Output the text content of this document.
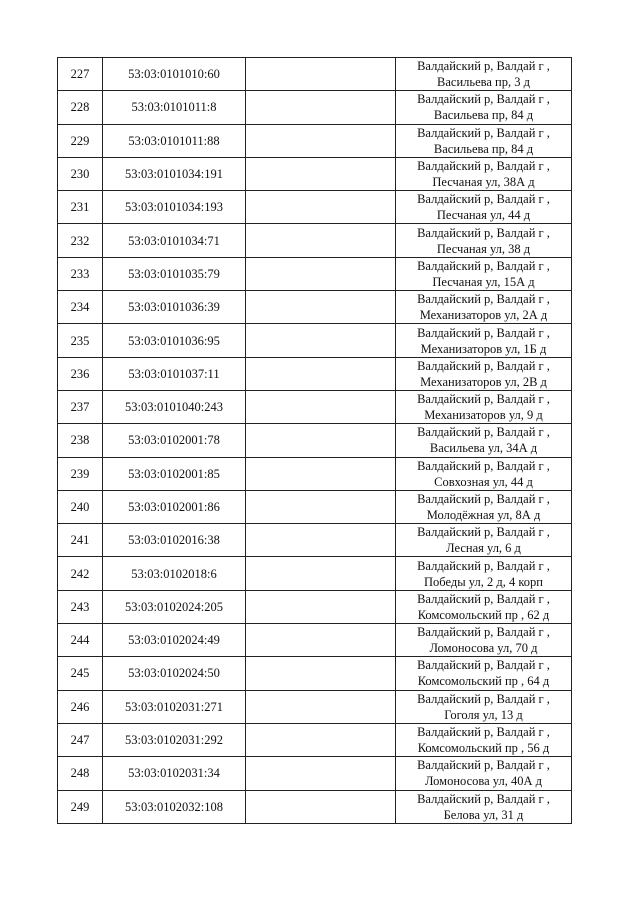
227	53:03:0101010:60		Валдайский р, Валдай г ,
Васильева пр, 3 д

228	53:03:0101011:8		Валдайский р, Валдай г ,
Васильева пр, 84 д

229	53:03:0101011:88		Валдайский р, Валдай г ,
Васильева пр, 84 д

230	53:03:0101034:191		Валдайский р, Валдай г ,
Песчаная ул, 38А д

231	53:03:0101034:193		Валдайский р, Валдай г ,
Песчаная ул, 44 д

232	53:03:0101034:71		Валдайский р, Валдай г ,
Песчаная ул, 38 д

233	53:03:0101035:79		Валдайский р, Валдай г ,
Песчаная ул, 15А д

234	53:03:0101036:39		Валдайский р, Валдай г ,
Механизаторов ул, 2А д

235	53:03:0101036:95		Валдайский р, Валдай г ,
Механизаторов ул, 1Б д

236	53:03:0101037:11		Валдайский р, Валдай г ,
Механизаторов ул, 2В д

237	53:03:0101040:243		Валдайский р, Валдай г ,
Механизаторов ул, 9 д

238	53:03:0102001:78		Валдайский р, Валдай г ,
Васильева ул, 34А д

239	53:03:0102001:85		Валдайский р, Валдай г ,
Совхозная ул, 44 д

240	53:03:0102001:86		Валдайский р, Валдай г ,
Молодёжная ул, 8А д

241	53:03:0102016:38		Валдайский р, Валдай г ,
Лесная ул, 6 д

242	53:03:0102018:6		Валдайский р, Валдай г ,
Победы ул, 2 д, 4 корп

243	53:03:0102024:205		Валдайский р, Валдай г ,
Комсомольский пр , 62 д

244	53:03:0102024:49		Валдайский р, Валдай г ,
Ломоносова ул, 70 д

245	53:03:0102024:50		Валдайский р, Валдай г ,
Комсомольский пр , 64 д

246	53:03:0102031:271		Валдайский р, Валдай г ,
Гоголя ул, 13 д

247	53:03:0102031:292		Валдайский р, Валдай г ,
Комсомольский пр , 56 д

248	53:03:0102031:34		Валдайский р, Валдай г ,
Ломоносова ул, 40А д

249	53:03:0102032:108		Валдайский р, Валдай г ,
Белова ул, 31 д
